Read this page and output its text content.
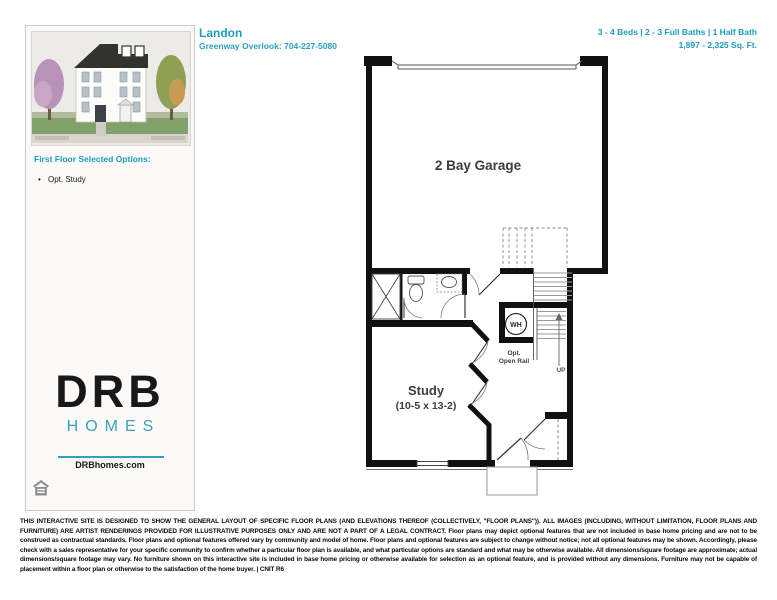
First Floor Selected Options:
• Opt. Study
DRB
HOMES
DRBhomes.com
Landon
Greenway Overlook: 704-227-5080
3 - 4 Beds | 2 - 3 Full Baths | 1 Half Bath
1,897 - 2,325 Sq. Ft.
2 Bay Garage
Study
(10-5 x 13-2)
WH
Opt.
Open Rail
UP
THIS INTERACTIVE SITE IS DESIGNED TO SHOW THE GENERAL LAYOUT OF SPECIFIC FLOOR PLANS (AND ELEVATIONS THEREOF (COLLECTIVELY, "FLOOR PLANS")). ALL IMAGES (INCLUDING, WITHOUT LIMITATION, FLOOR PLANS AND FURNITURE) ARE ARTIST RENDERINGS PROVIDED FOR ILLUSTRATIVE PURPOSES ONLY AND ARE NOT A PART OF A LEGAL CONTRACT. Floor plans may depict optional features that are not included in base home pricing and are not to be construed as contractual standards. Floor plans and optional features offered vary by community and model of home. Floor plans and optional features are subject to change without notice; not all optional features may be shown. Accordingly, please check with a sales representative for your specific community to confirm whether a particular floor plan is available, and what particular options are standard and what may be otherwise available. All dimensions/square footage are approximate; actual dimensions/square footage may vary. No furniture shown on this interactive site is included in base home pricing or otherwise available for selection as an optional feature, and is provided without any dimensions. Furniture may not be capable of placement within a floor plan or otherwise to the satisfaction of the home buyer. | CNIT R6
